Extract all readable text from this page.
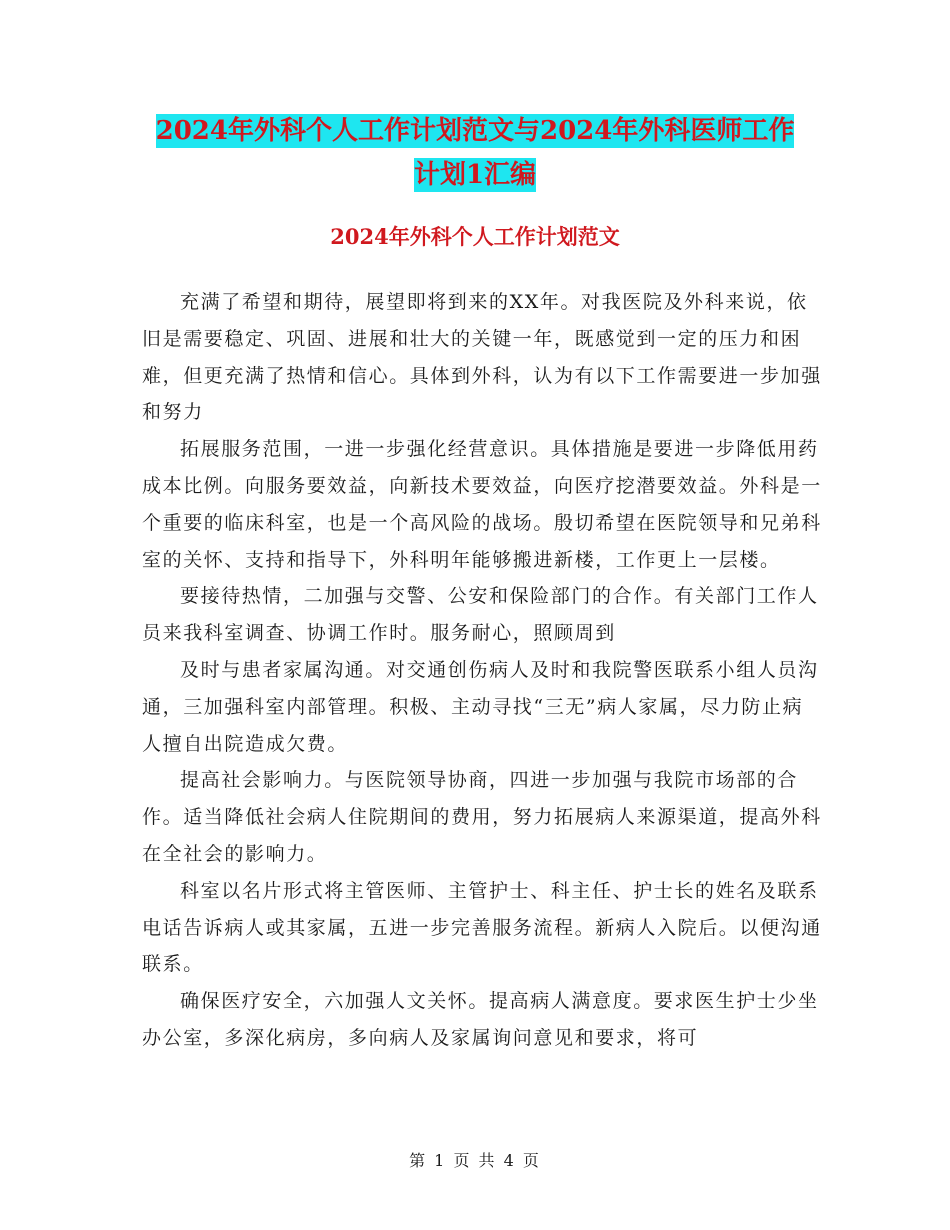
2024年外科个人工作计划范文与2024年外科医师工作
计划1汇编
2024年外科个人工作计划范文

充满了希望和期待，展望即将到来的XX年。对我医院及外科来说，依旧是需要稳定、巩固、进展和壮大的关键一年，既感觉到一定的压力和困难，但更充满了热情和信心。具体到外科，认为有以下工作需要进一步加强和努力

拓展服务范围，一进一步强化经营意识。具体措施是要进一步降低用药成本比例。向服务要效益，向新技术要效益，向医疗挖潜要效益。外科是一个重要的临床科室，也是一个高风险的战场。殷切希望在医院领导和兄弟科室的关怀、支持和指导下，外科明年能够搬进新楼，工作更上一层楼。

要接待热情，二加强与交警、公安和保险部门的合作。有关部门工作人员来我科室调查、协调工作时。服务耐心，照顾周到

及时与患者家属沟通。对交通创伤病人及时和我院警医联系小组人员沟通，三加强科室内部管理。积极、主动寻找“三无”病人家属，尽力防止病人擅自出院造成欠费。

提高社会影响力。与医院领导协商，四进一步加强与我院市场部的合作。适当降低社会病人住院期间的费用，努力拓展病人来源渠道，提高外科在全社会的影响力。

科室以名片形式将主管医师、主管护士、科主任、护士长的姓名及联系电话告诉病人或其家属，五进一步完善服务流程。新病人入院后。以便沟通联系。

确保医疗安全，六加强人文关怀。提高病人满意度。要求医生护士少坐办公室，多深化病房，多向病人及家属询问意见和要求，将可

第 1 页 共 4 页
